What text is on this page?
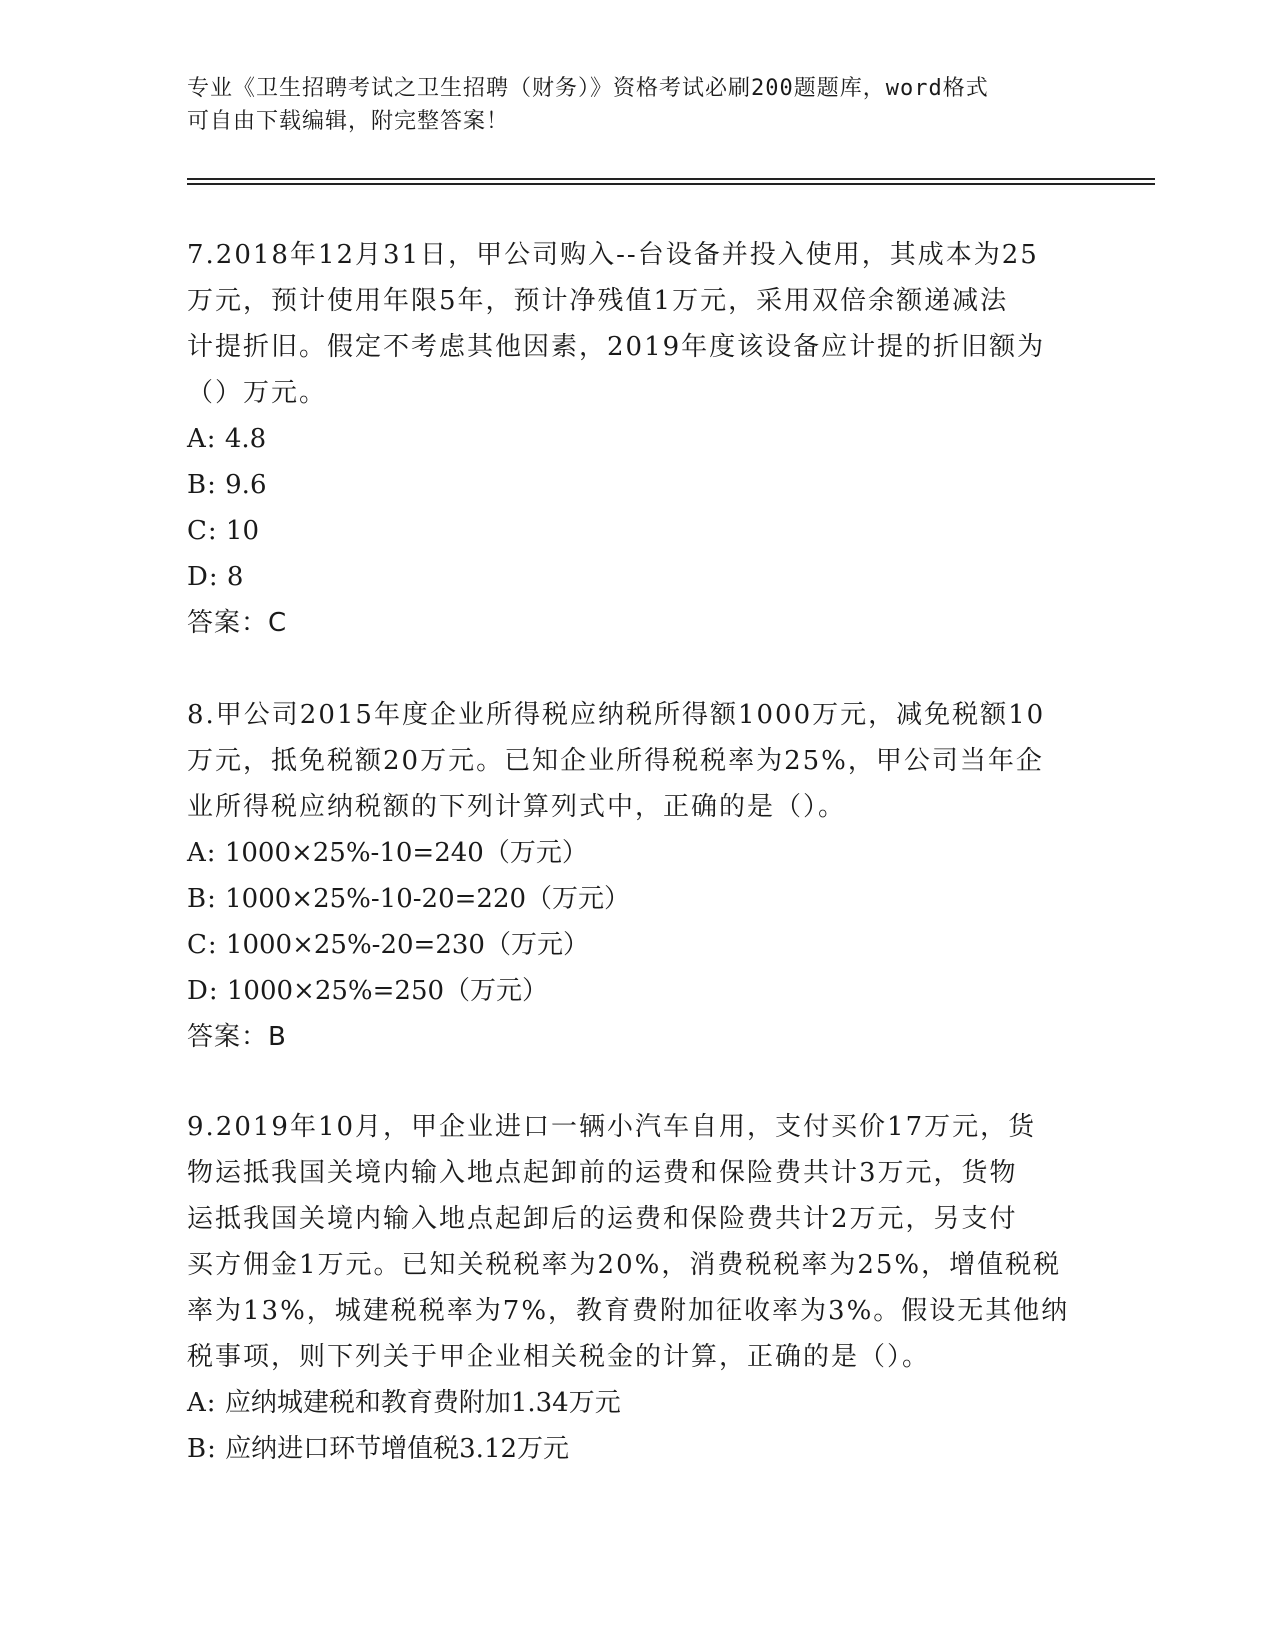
专业《卫生招聘考试之卫生招聘（财务）》资格考试必刷200题题库，word格式
可自由下载编辑，附完整答案！
7.2018年12月31日，甲公司购入--台设备并投入使用，其成本为25
万元，预计使用年限5年，预计净残值1万元，采用双倍余额递减法
计提折旧。假定不考虑其他因素，2019年度该设备应计提的折旧额为
（）万元。
A: 4.8
B: 9.6
C: 10
D: 8
答案：C
8.甲公司2015年度企业所得税应纳税所得额1000万元，减免税额10
万元，抵免税额20万元。已知企业所得税税率为25%，甲公司当年企
业所得税应纳税额的下列计算列式中，正确的是（）。
A: 1000×25%-10=240（万元）
B: 1000×25%-10-20=220（万元）
C: 1000×25%-20=230（万元）
D: 1000×25%=250（万元）
答案：B
9.2019年10月，甲企业进口一辆小汽车自用，支付买价17万元，货
物运抵我国关境内输入地点起卸前的运费和保险费共计3万元，货物
运抵我国关境内输入地点起卸后的运费和保险费共计2万元，另支付
买方佣金1万元。已知关税税率为20%，消费税税率为25%，增值税税
率为13%，城建税税率为7%，教育费附加征收率为3%。假设无其他纳
税事项，则下列关于甲企业相关税金的计算，正确的是（）。
A: 应纳城建税和教育费附加1.34万元
B: 应纳进口环节增值税3.12万元
